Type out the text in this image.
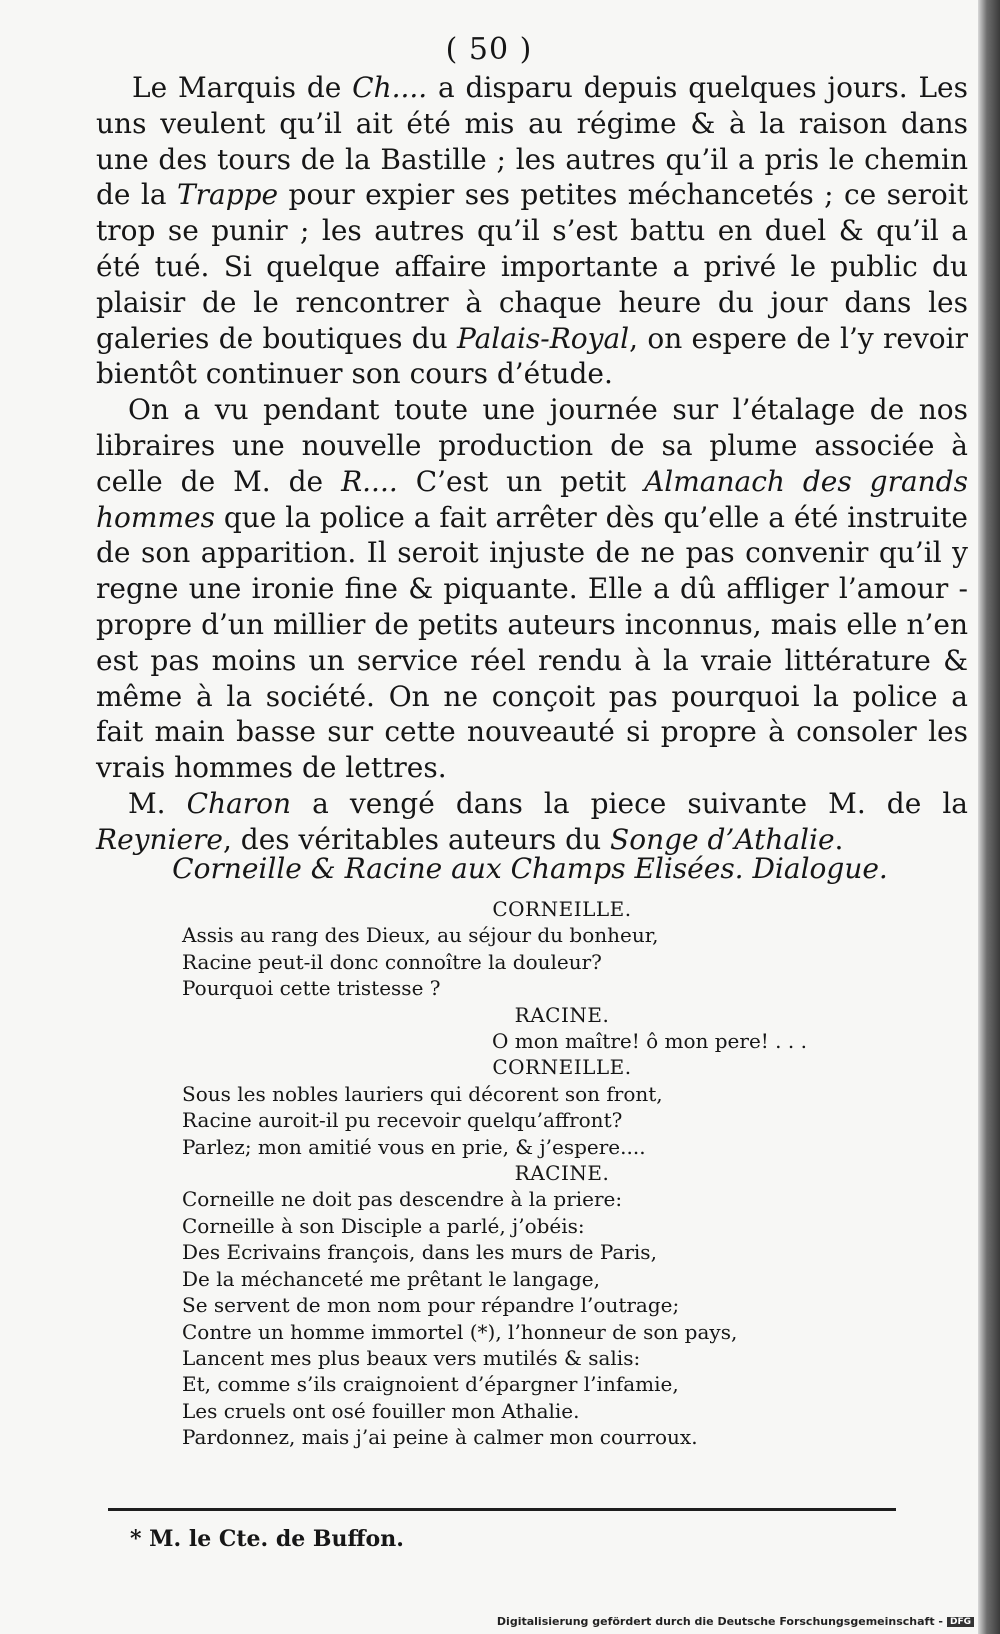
( 50 )

Le Marquis de Ch.... a disparu depuis quelques jours. Les uns veulent qu’il ait été mis au régime & à la raison dans une des tours de la Bastille ; les autres qu’il a pris le chemin de la Trappe pour expier ses petites méchancetés ; ce seroit trop se punir ; les autres qu’il s’est battu en duel & qu’il a été tué. Si quelque affaire importante a privé le public du plaisir de le rencontrer à chaque heure du jour dans les galeries de boutiques du Palais-Royal, on espere de l’y revoir bientôt continuer son cours d’étude.

On a vu pendant toute une journée sur l’étalage de nos libraires une nouvelle production de sa plume associée à celle de M. de R.... C’est un petit Almanach des grands hommes que la police a fait arrêter dès qu’elle a été instruite de son apparition. Il seroit injuste de ne pas convenir qu’il y regne une ironie fine & piquante. Elle a dû affliger l’amour - propre d’un millier de petits auteurs inconnus, mais elle n’en est pas moins un service réel rendu à la vraie littérature & même à la société. On ne conçoit pas pourquoi la police a fait main basse sur cette nouveauté si propre à consoler les vrais hommes de lettres.

M. Charon a vengé dans la piece suivante M. de la Reyniere, des véritables auteurs du Songe d’Athalie.

Corneille & Racine aux Champs Elisées. Dialogue.
CORNEILLE.
Assis au rang des Dieux, au séjour du bonheur,
Racine peut-il donc connoître la douleur?
Pourquoi cette tristesse ?
RACINE.
O mon maître! ô mon pere! . . .
CORNEILLE.
Sous les nobles lauriers qui décorent son front,
Racine auroit-il pu recevoir quelqu’affront?
Parlez; mon amitié vous en prie, & j’espere....
RACINE.
Corneille ne doit pas descendre à la priere:
Corneille à son Disciple a parlé, j’obéis:
Des Ecrivains françois, dans les murs de Paris,
De la méchanceté me prêtant le langage,
Se servent de mon nom pour répandre l’outrage;
Contre un homme immortel (*), l’honneur de son pays,
Lancent mes plus beaux vers mutilés & salis:
Et, comme s’ils craignoient d’épargner l’infamie,
Les cruels ont osé fouiller mon Athalie.
Pardonnez, mais j’ai peine à calmer mon courroux.
* M. le Cte. de Buffon.
Digitalisierung gefördert durch die Deutsche Forschungsgemeinschaft - DFG
